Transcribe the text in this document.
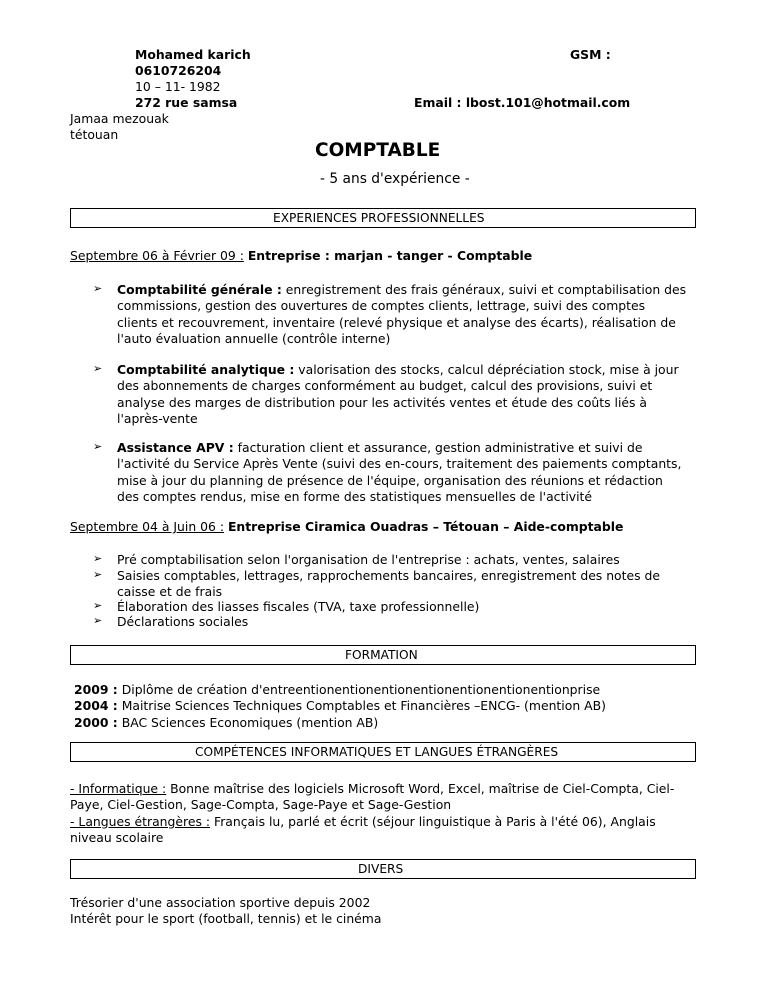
Mohamed karich
0610726204
10 – 11- 1982
272 rue samsa
Jamaa mezouak
tétouan
GSM :
Email : lbost.101@hotmail.com
COMPTABLE
- 5 ans d'expérience -
EXPERIENCES PROFESSIONNELLES
Septembre 06 à Février 09 : Entreprise : marjan - tanger - Comptable
➢ Comptabilité générale : enregistrement des frais généraux, suivi et comptabilisation des
commissions, gestion des ouvertures de comptes clients, lettrage, suivi des comptes
clients et recouvrement, inventaire (relevé physique et analyse des écarts), réalisation de
l'auto évaluation annuelle (contrôle interne)
➢ Comptabilité analytique : valorisation des stocks, calcul dépréciation stock, mise à jour
des abonnements de charges conformément au budget, calcul des provisions, suivi et
analyse des marges de distribution pour les activités ventes et étude des coûts liés à
l'après-vente
➢ Assistance APV : facturation client et assurance, gestion administrative et suivi de
l'activité du Service Après Vente (suivi des en-cours, traitement des paiements comptants,
mise à jour du planning de présence de l'équipe, organisation des réunions et rédaction
des comptes rendus, mise en forme des statistiques mensuelles de l'activité
Septembre 04 à Juin 06 : Entreprise Ciramica Ouadras – Tétouan – Aide-comptable
➢ Pré comptabilisation selon l'organisation de l'entreprise : achats, ventes, salaires
➢ Saisies comptables, lettrages, rapprochements bancaires, enregistrement des notes de
caisse et de frais
➢ Élaboration des liasses fiscales (TVA, taxe professionnelle)
➢ Déclarations sociales
FORMATION
2009 : Diplôme de création d'entreentionentionentionentionentionentionentionprise
2004 : Maitrise Sciences Techniques Comptables et Financières –ENCG- (mention AB)
2000 : BAC Sciences Economiques (mention AB)
COMPÉTENCES INFORMATIQUES ET LANGUES ÉTRANGÈRES
- Informatique : Bonne maîtrise des logiciels Microsoft Word, Excel, maîtrise de Ciel-Compta, Ciel-
Paye, Ciel-Gestion, Sage-Compta, Sage-Paye et Sage-Gestion
- Langues étrangères : Français lu, parlé et écrit (séjour linguistique à Paris à l'été 06), Anglais
niveau scolaire
DIVERS
Trésorier d'une association sportive depuis 2002
Intérêt pour le sport (football, tennis) et le cinéma
